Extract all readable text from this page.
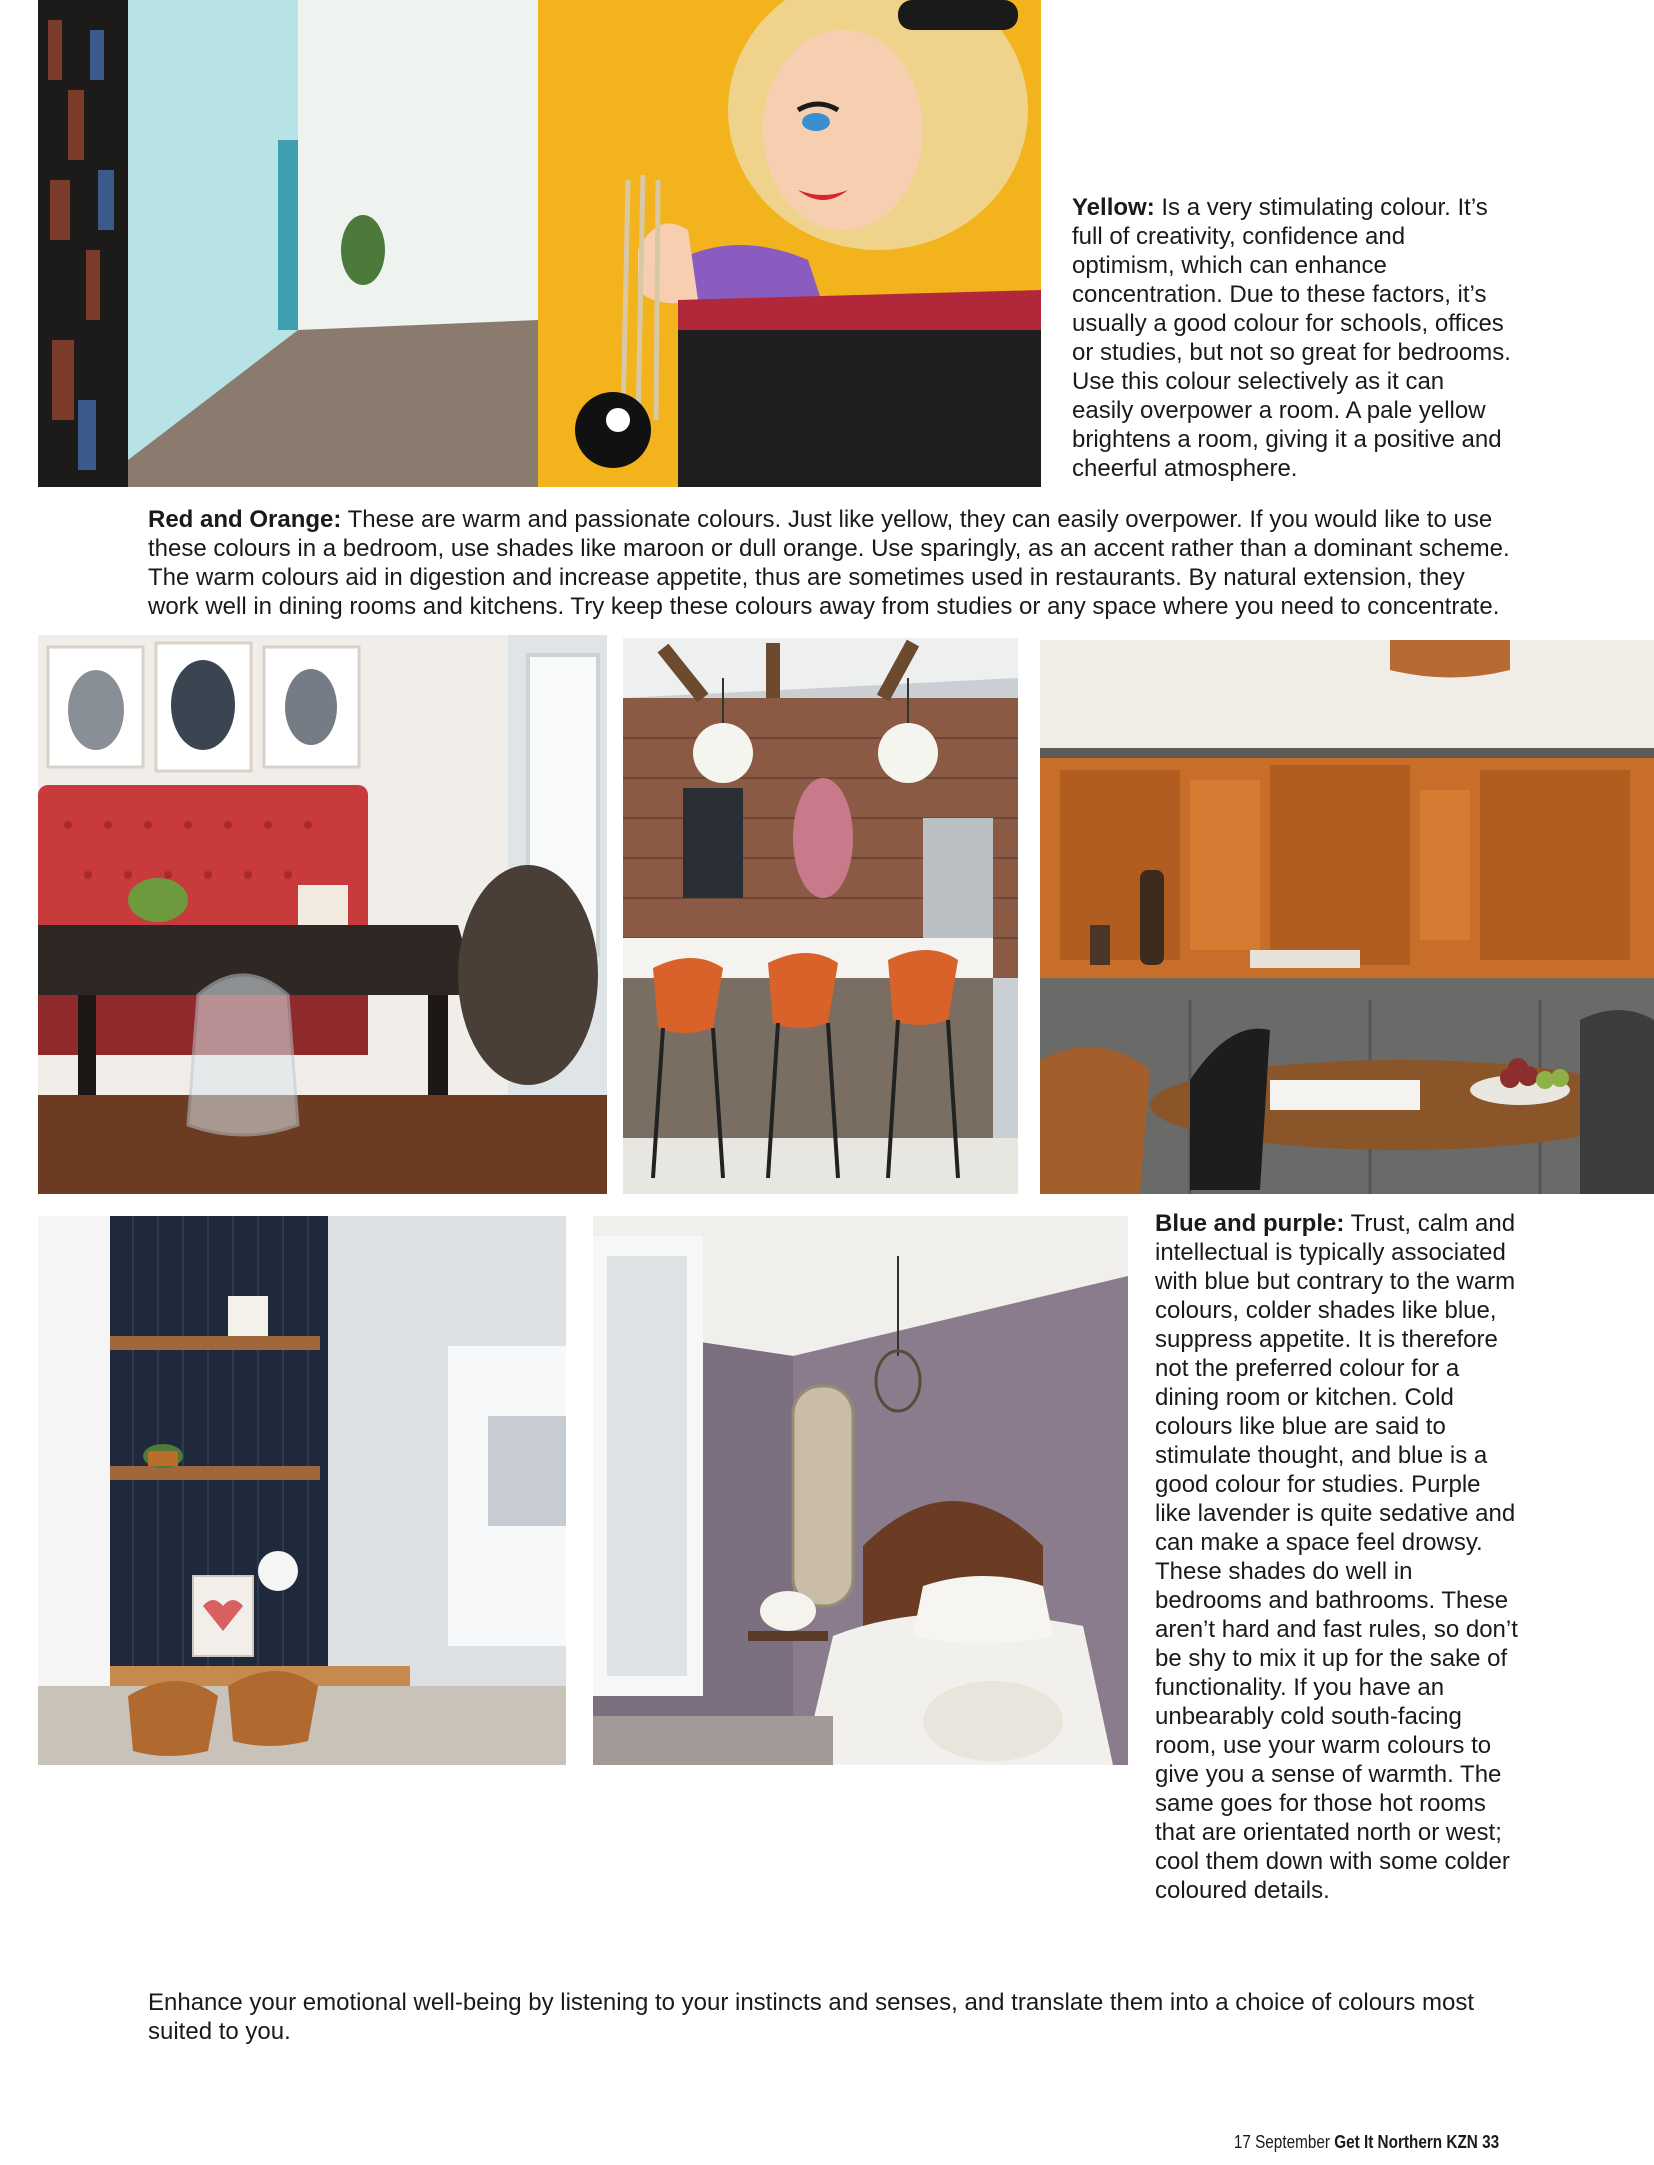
Yellow: Is a very stimulating colour. It’s full of creativity, confidence and optimism, which can enhance concentration. Due to these factors, it’s usually a good colour for schools, offices or studies, but not so great for bedrooms. Use this colour selectively as it can easily overpower a room. A pale yellow brightens a room, giving it a positive and cheerful atmosphere.
Red and Orange: These are warm and passionate colours. Just like yellow, they can easily overpower. If you would like to use these colours in a bedroom, use shades like maroon or dull orange. Use sparingly, as an accent rather than a dominant scheme. The warm colours aid in digestion and increase appetite, thus are sometimes used in restaurants. By natural extension, they work well in dining rooms and kitchens. Try keep these colours away from studies or any space where you need to concentrate.
Blue and purple: Trust, calm and intellectual is typically associated with blue but contrary to the warm colours, colder shades like blue, suppress appetite. It is therefore not the preferred colour for a dining room or kitchen. Cold colours like blue are said to stimulate thought, and blue is a good colour for studies. Purple like lavender is quite sedative and can make a space feel drowsy. These shades do well in bedrooms and bathrooms. These aren’t hard and fast rules, so don’t be shy to mix it up for the sake of functionality. If you have an unbearably cold south-facing room, use your warm colours to give you a sense of warmth. The same goes for those hot rooms that are orientated north or west; cool them down with some colder coloured details.
Enhance your emotional well-being by listening to your instincts and senses, and translate them into a choice of colours most suited to you.
17 September Get It Northern KZN 33
